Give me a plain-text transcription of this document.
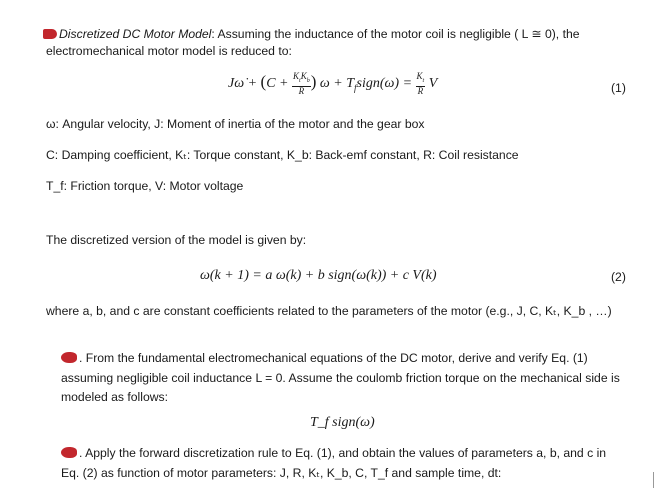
Discretized DC Motor Model: Assuming the inductance of the motor coil is negligible ( L ≅ 0), the
electromechanical motor model is reduced to:
Jω̇ + ($C + \frac{K_tK_b}{R}$ ) $\omega + T_fsign(\omega) = \frac{K_t}{R}$ V	(1)
ω: Angular velocity, J: Moment of inertia of the motor and the gear box
C: Damping coefficient, Kₜ: Torque constant, K_b: Back-emf constant, R: Coil resistance
T_f: Friction torque, V: Motor voltage
The discretized version of the model is given by:
ω(k + 1) = a ω(k) + b sign(ω(k)) + c V(k)	(2)
where a, b, and c are constant coefficients related to the parameters of the motor (e.g., J, C, Kₜ, K_b , …)
. From the fundamental electromechanical equations of the DC motor, derive and verify Eq. (1)
assuming negligible coil inductance L = 0. Assume the coulomb friction torque on the mechanical side is
modeled as follows:
T_f sign(ω)
. Apply the forward discretization rule to Eq. (1), and obtain the values of parameters a, b, and c in
Eq. (2) as function of motor parameters: J, R, Kₜ, K_b, C, T_f and sample time, dt:
